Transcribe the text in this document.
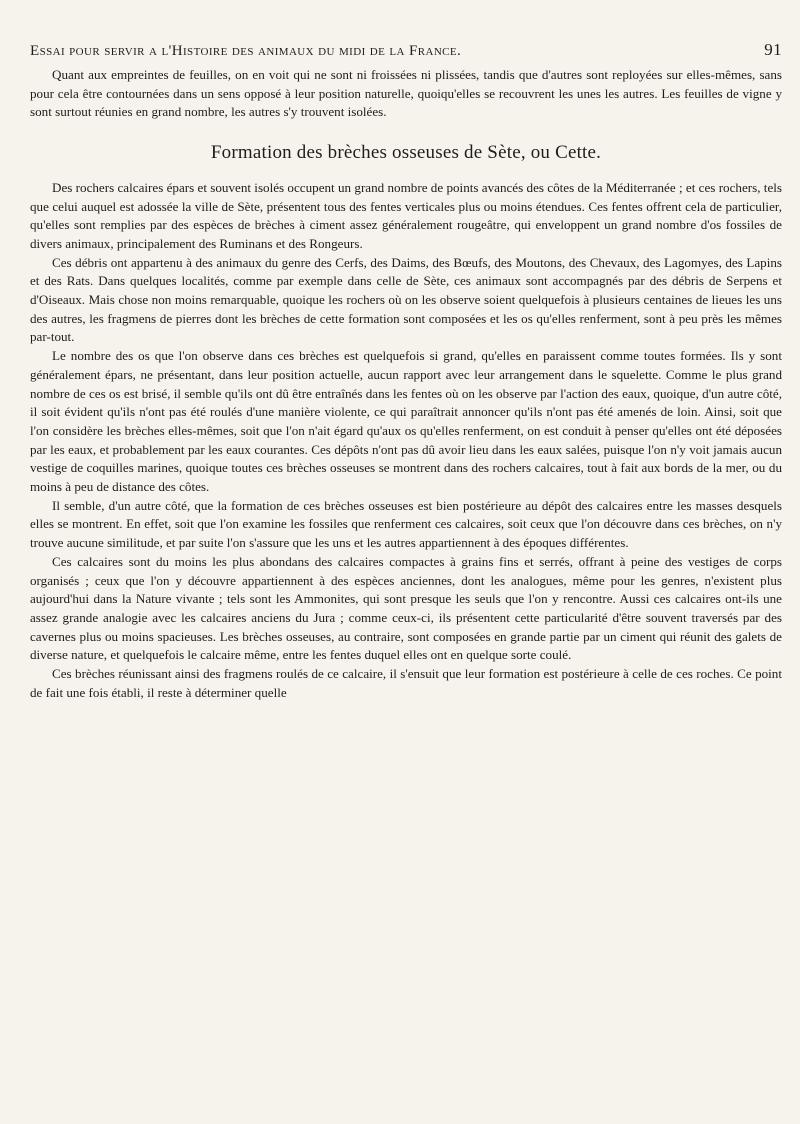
Essai pour servir a l'Histoire des animaux du midi de la France.	91

Quant aux empreintes de feuilles, on en voit qui ne sont ni froissées ni plissées, tandis que d'autres sont reployées sur elles-mêmes, sans pour cela être contournées dans un sens opposé à leur position naturelle, quoiqu'elles se recouvrent les unes les autres. Les feuilles de vigne y sont surtout réunies en grand nombre, les autres s'y trouvent isolées.

Formation des brèches osseuses de Sète, ou Cette.

Des rochers calcaires épars et souvent isolés occupent un grand nombre de points avancés des côtes de la Méditerranée ; et ces rochers, tels que celui auquel est adossée la ville de Sète, présentent tous des fentes verticales plus ou moins étendues. Ces fentes offrent cela de particulier, qu'elles sont remplies par des espèces de brèches à ciment assez généralement rougeâtre, qui enveloppent un grand nombre d'os fossiles de divers animaux, principalement des Ruminans et des Rongeurs.

Ces débris ont appartenu à des animaux du genre des Cerfs, des Daims, des Bœufs, des Moutons, des Chevaux, des Lagomyes, des Lapins et des Rats. Dans quelques localités, comme par exemple dans celle de Sète, ces animaux sont accompagnés par des débris de Serpens et d'Oiseaux. Mais chose non moins remarquable, quoique les rochers où on les observe soient quelquefois à plusieurs centaines de lieues les uns des autres, les fragmens de pierres dont les brèches de cette formation sont composées et les os qu'elles renferment, sont à peu près les mêmes par-tout.

Le nombre des os que l'on observe dans ces brèches est quelquefois si grand, qu'elles en paraissent comme toutes formées. Ils y sont généralement épars, ne présentant, dans leur position actuelle, aucun rapport avec leur arrangement dans le squelette. Comme le plus grand nombre de ces os est brisé, il semble qu'ils ont dû être entraînés dans les fentes où on les observe par l'action des eaux, quoique, d'un autre côté, il soit évident qu'ils n'ont pas été roulés d'une manière violente, ce qui paraîtrait annoncer qu'ils n'ont pas été amenés de loin. Ainsi, soit que l'on considère les brèches elles-mêmes, soit que l'on n'ait égard qu'aux os qu'elles renferment, on est conduit à penser qu'elles ont été déposées par les eaux, et probablement par les eaux courantes. Ces dépôts n'ont pas dû avoir lieu dans les eaux salées, puisque l'on n'y voit jamais aucun vestige de coquilles marines, quoique toutes ces brèches osseuses se montrent dans des rochers calcaires, tout à fait aux bords de la mer, ou du moins à peu de distance des côtes.

Il semble, d'un autre côté, que la formation de ces brèches osseuses est bien postérieure au dépôt des calcaires entre les masses desquels elles se montrent. En effet, soit que l'on examine les fossiles que renferment ces calcaires, soit ceux que l'on découvre dans ces brèches, on n'y trouve aucune similitude, et par suite l'on s'assure que les uns et les autres appartiennent à des époques différentes.

Ces calcaires sont du moins les plus abondans des calcaires compactes à grains fins et serrés, offrant à peine des vestiges de corps organisés ; ceux que l'on y découvre appartiennent à des espèces anciennes, dont les analogues, même pour les genres, n'existent plus aujourd'hui dans la Nature vivante ; tels sont les Ammonites, qui sont presque les seuls que l'on y rencontre. Aussi ces calcaires ont-ils une assez grande analogie avec les calcaires anciens du Jura ; comme ceux-ci, ils présentent cette particularité d'être souvent traversés par des cavernes plus ou moins spacieuses. Les brèches osseuses, au contraire, sont composées en grande partie par un ciment qui réunit des galets de diverse nature, et quelquefois le calcaire même, entre les fentes duquel elles ont en quelque sorte coulé.

Ces brèches réunissant ainsi des fragmens roulés de ce calcaire, il s'ensuit que leur formation est postérieure à celle de ces roches. Ce point de fait une fois établi, il reste à déterminer quelle
